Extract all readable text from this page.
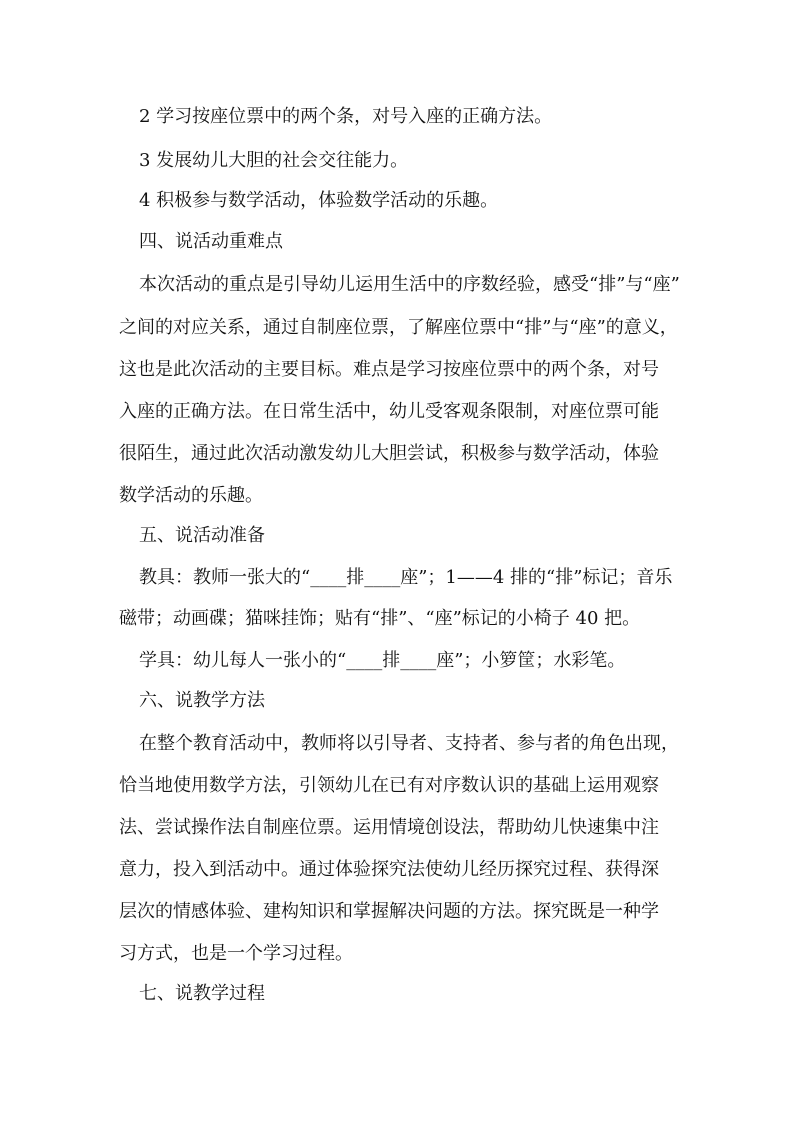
2 学习按座位票中的两个条，对号入座的正确方法。
3 发展幼儿大胆的社会交往能力。
4 积极参与数学活动，体验数学活动的乐趣。
四、说活动重难点
本次活动的重点是引导幼儿运用生活中的序数经验，感受“排”与“座”
之间的对应关系，通过自制座位票，了解座位票中“排”与“座”的意义，
这也是此次活动的主要目标。难点是学习按座位票中的两个条，对号
入座的正确方法。在日常生活中，幼儿受客观条限制，对座位票可能
很陌生，通过此次活动激发幼儿大胆尝试，积极参与数学活动，体验
数学活动的乐趣。
五、说活动准备
教具：教师一张大的“____排____座”；1——4 排的“排”标记；音乐
磁带；动画碟；猫咪挂饰；贴有“排”、“座”标记的小椅子 40 把。
学具：幼儿每人一张小的“____排____座”；小箩筐；水彩笔。
六、说教学方法
在整个教育活动中，教师将以引导者、支持者、参与者的角色出现，
恰当地使用数学方法，引领幼儿在已有对序数认识的基础上运用观察
法、尝试操作法自制座位票。运用情境创设法，帮助幼儿快速集中注
意力，投入到活动中。通过体验探究法使幼儿经历探究过程、获得深
层次的情感体验、建构知识和掌握解决问题的方法。探究既是一种学
习方式，也是一个学习过程。
七、说教学过程
